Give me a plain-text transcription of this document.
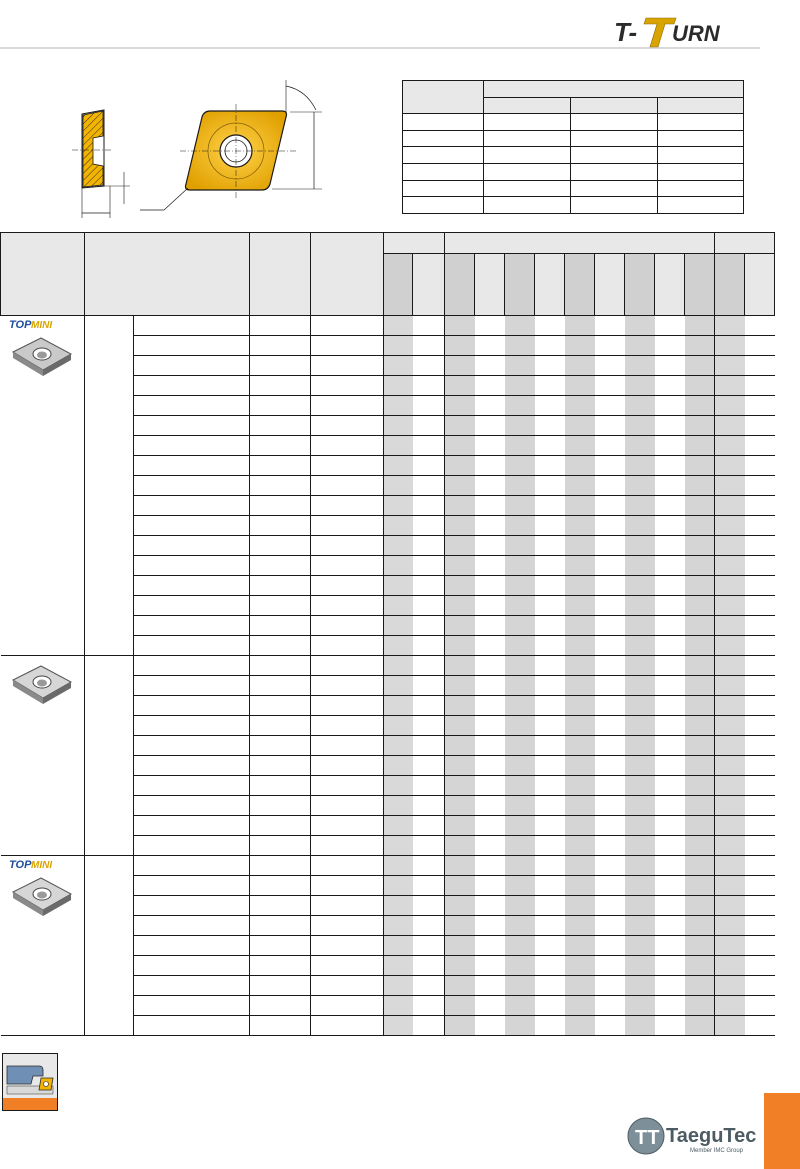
T- URN

TOP MINI																	

TOP MINI																	

TT TaeguTec
Member IMC Group
